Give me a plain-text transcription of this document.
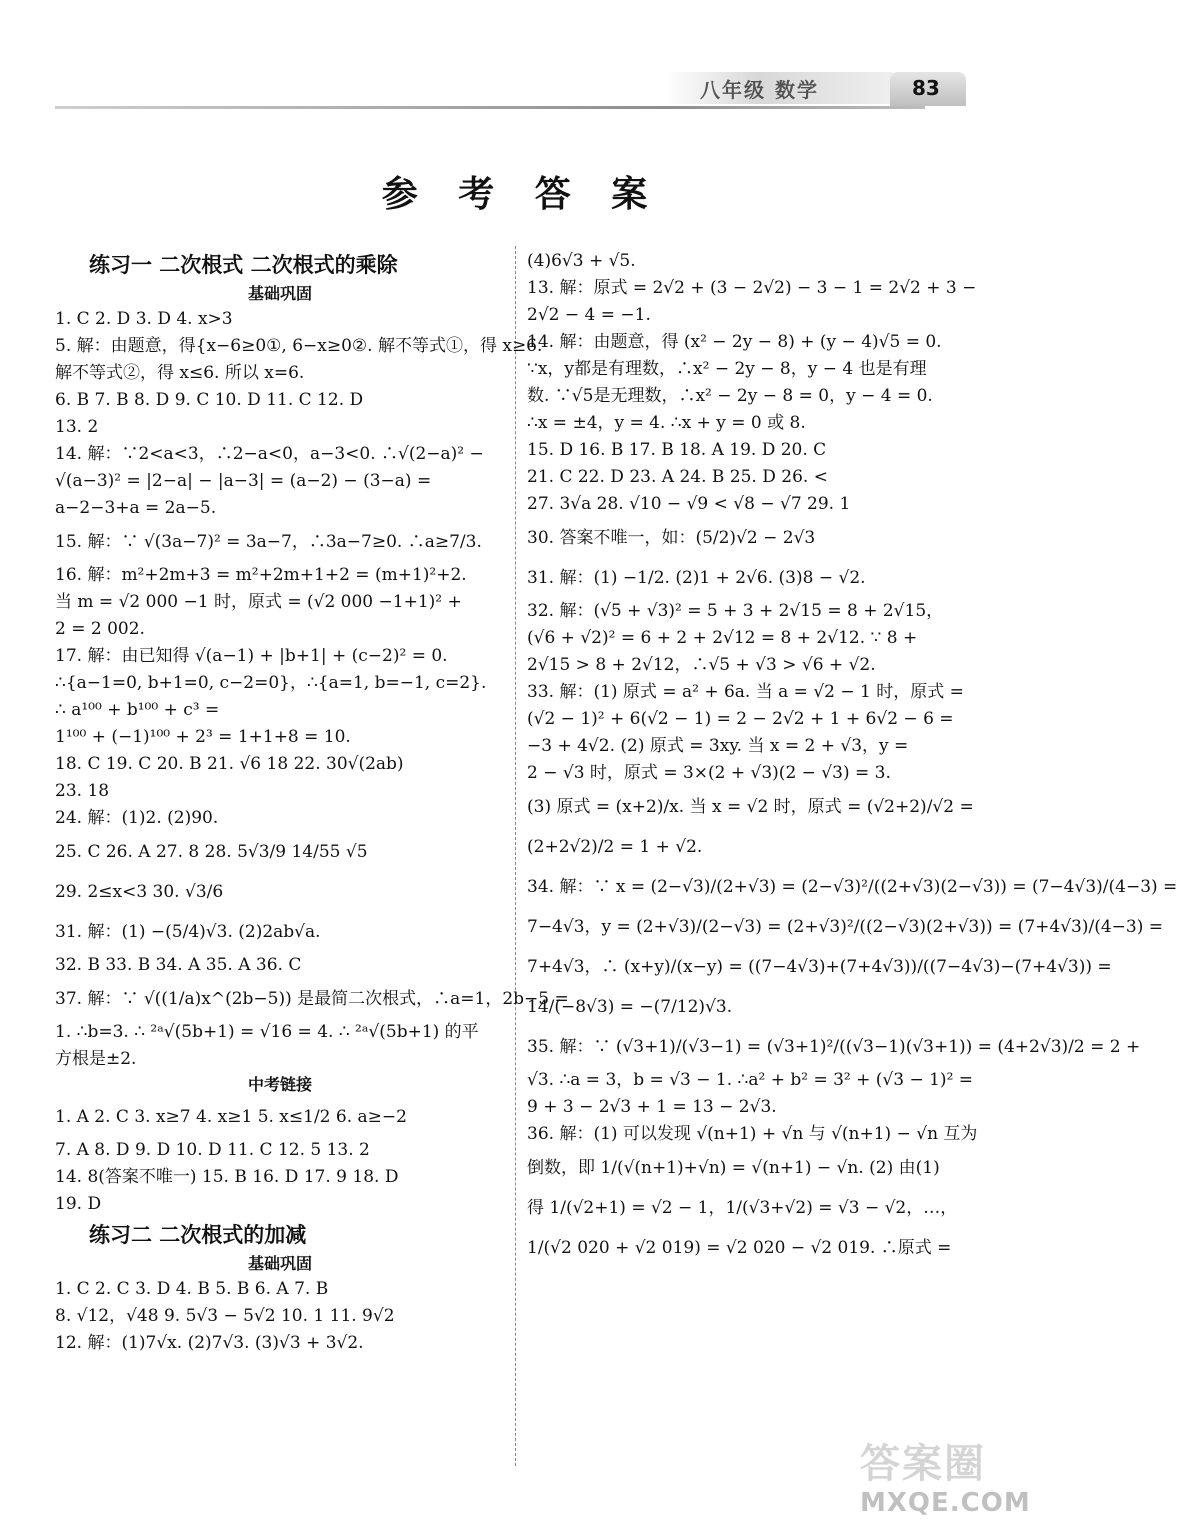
八年级 数学	83
参 考 答 案
练习一 二次根式 二次根式的乘除
基础巩固
1. C 2. D 3. D 4. x>3
5. 解：由题意，得{x−6≥0①, 6−x≥0②. 解不等式①，得 x≥6.
解不等式②，得 x≤6. 所以 x=6.
6. B 7. B 8. D 9. C 10. D 11. C 12. D
13. 2
14. 解：∵2<a<3，∴2−a<0，a−3<0. ∴√(2−a)² −
√(a−3)² = |2−a| − |a−3| = (a−2) − (3−a) =
a−2−3+a = 2a−5.
15. 解：∵ √(3a−7)² = 3a−7，∴3a−7≥0. ∴a≥7/3.
16. 解：m²+2m+3 = m²+2m+1+2 = (m+1)²+2.
当 m = √2 000 −1 时，原式 = (√2 000 −1+1)² +
2 = 2 002.
17. 解：由已知得 √(a−1) + |b+1| + (c−2)² = 0.
∴{a−1=0, b+1=0, c−2=0}，∴{a=1, b=−1, c=2}.
∴ a¹⁰⁰ + b¹⁰⁰ + c³ =
1¹⁰⁰ + (−1)¹⁰⁰ + 2³ = 1+1+8 = 10.
18. C 19. C 20. B 21. √6 18 22. 30√(2ab)
23. 18
24. 解：(1)2. (2)90.
25. C 26. A 27. 8 28. 5√3/9 14/55 √5
29. 2≤x<3 30. √3/6
31. 解：(1) −(5/4)√3. (2)2ab√a.
32. B 33. B 34. A 35. A 36. C
37. 解：∵ √((1/a)x^(2b−5)) 是最简二次根式，∴a=1，2b−5 =
1. ∴b=3. ∴ ²ᵃ√(5b+1) = √16 = 4. ∴ ²ᵃ√(5b+1) 的平
方根是±2.
中考链接
1. A 2. C 3. x≥7 4. x≥1 5. x≤1/2 6. a≥−2
7. A 8. D 9. D 10. D 11. C 12. 5 13. 2
14. 8(答案不唯一) 15. B 16. D 17. 9 18. D
19. D
练习二 二次根式的加减
基础巩固
1. C 2. C 3. D 4. B 5. B 6. A 7. B
8. √12，√48 9. 5√3 − 5√2 10. 1 11. 9√2
12. 解：(1)7√x. (2)7√3. (3)√3 + 3√2.
(4)6√3 + √5.
13. 解：原式 = 2√2 + (3 − 2√2) − 3 − 1 = 2√2 + 3 −
2√2 − 4 = −1.
14. 解：由题意，得 (x² − 2y − 8) + (y − 4)√5 = 0.
∵x，y都是有理数，∴x² − 2y − 8，y − 4 也是有理
数. ∵√5是无理数，∴x² − 2y − 8 = 0，y − 4 = 0.
∴x = ±4，y = 4. ∴x + y = 0 或 8.
15. D 16. B 17. B 18. A 19. D 20. C
21. C 22. D 23. A 24. B 25. D 26. <
27. 3√a 28. √10 − √9 < √8 − √7 29. 1
30. 答案不唯一，如：(5/2)√2 − 2√3
31. 解：(1) −1/2. (2)1 + 2√6. (3)8 − √2.
32. 解：(√5 + √3)² = 5 + 3 + 2√15 = 8 + 2√15，
(√6 + √2)² = 6 + 2 + 2√12 = 8 + 2√12. ∵ 8 +
2√15 > 8 + 2√12，∴√5 + √3 > √6 + √2.
33. 解：(1) 原式 = a² + 6a. 当 a = √2 − 1 时，原式 =
(√2 − 1)² + 6(√2 − 1) = 2 − 2√2 + 1 + 6√2 − 6 =
−3 + 4√2. (2) 原式 = 3xy. 当 x = 2 + √3，y =
2 − √3 时，原式 = 3×(2 + √3)(2 − √3) = 3.
(3) 原式 = (x+2)/x. 当 x = √2 时，原式 = (√2+2)/√2 =
(2+2√2)/2 = 1 + √2.
34. 解：∵ x = (2−√3)/(2+√3) = (2−√3)²/((2+√3)(2−√3)) = (7−4√3)/(4−3) =
7−4√3，y = (2+√3)/(2−√3) = (2+√3)²/((2−√3)(2+√3)) = (7+4√3)/(4−3) =
7+4√3，∴ (x+y)/(x−y) = ((7−4√3)+(7+4√3))/((7−4√3)−(7+4√3)) =
14/(−8√3) = −(7/12)√3.
35. 解：∵ (√3+1)/(√3−1) = (√3+1)²/((√3−1)(√3+1)) = (4+2√3)/2 = 2 +
√3. ∴a = 3，b = √3 − 1. ∴a² + b² = 3² + (√3 − 1)² =
9 + 3 − 2√3 + 1 = 13 − 2√3.
36. 解：(1) 可以发现 √(n+1) + √n 与 √(n+1) − √n 互为
倒数，即 1/(√(n+1)+√n) = √(n+1) − √n. (2) 由(1)
得 1/(√2+1) = √2 − 1，1/(√3+√2) = √3 − √2，…，
1/(√2 020 + √2 019) = √2 020 − √2 019. ∴原式 =
答案圈
MXQE.COM
